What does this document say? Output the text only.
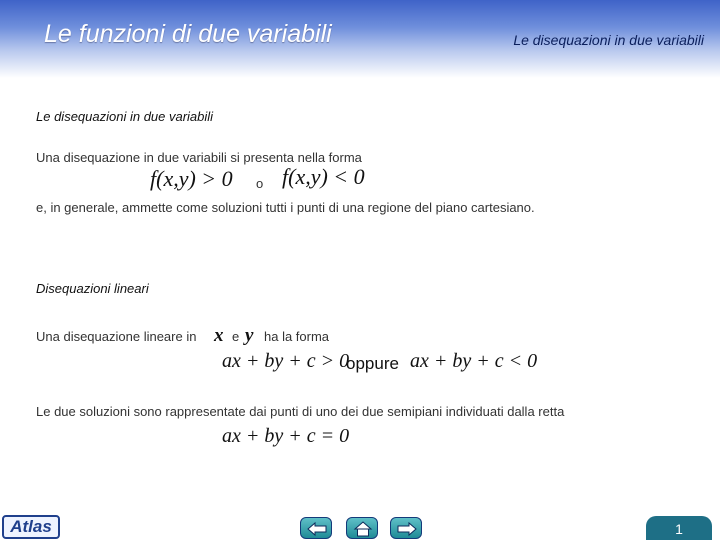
Le funzioni di due variabili	Le disequazioni in due variabili
Le disequazioni in due variabili
Una disequazione in due variabili si presenta nella forma
f(x,y) > 0 o f(x,y) < 0
e, in generale, ammette come soluzioni tutti i punti di una regione del piano cartesiano.
Disequazioni lineari
Una disequazione lineare in x e y ha la forma
ax + by + c > 0
oppure ax + by + c < 0
Le due soluzioni sono rappresentate dai punti di uno dei due semipiani individuati dalla retta
ax + by + c = 0
Atlas	1
